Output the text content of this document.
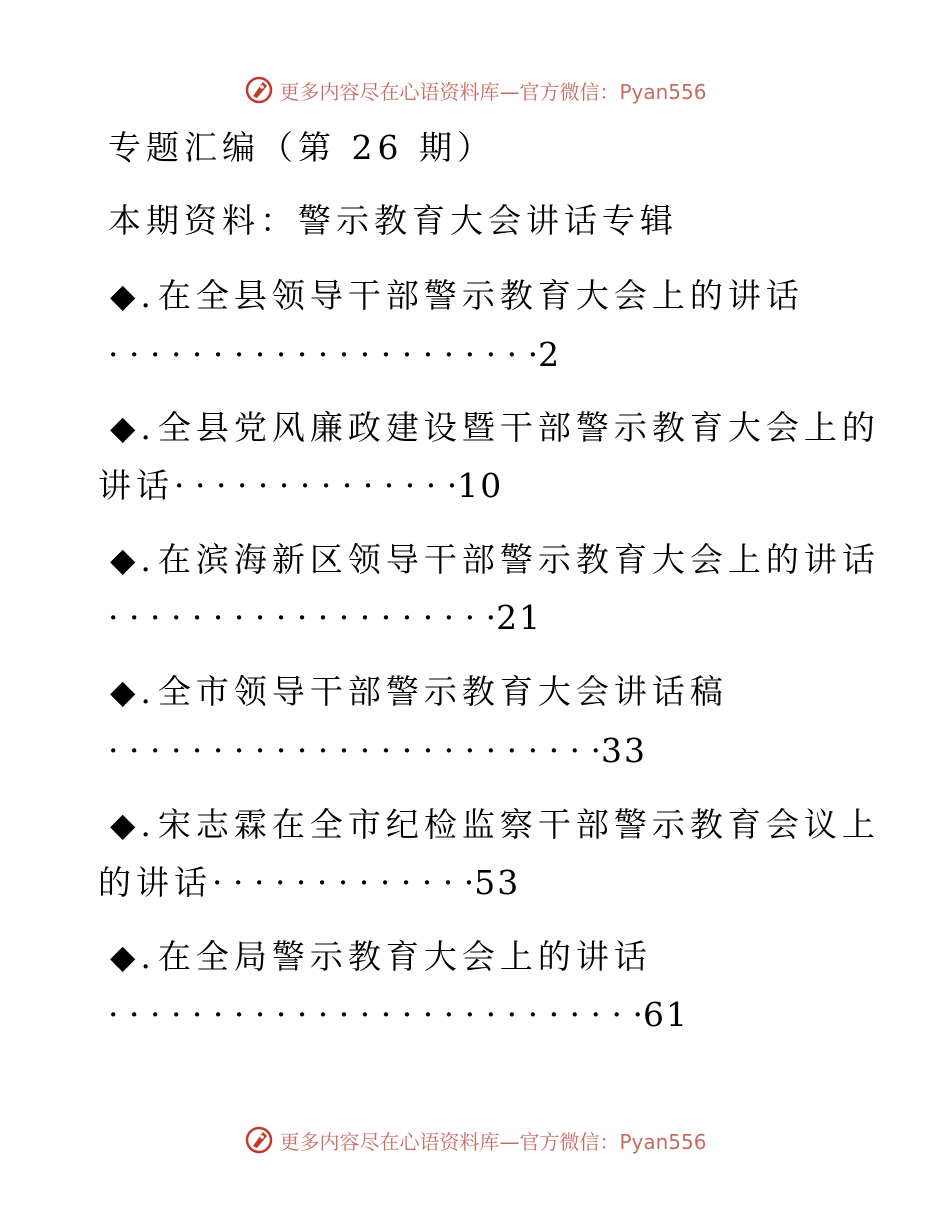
更多内容尽在心语资料库—官方微信：Pyan556
专题汇编（第 26 期）
本期资料：警示教育大会讲话专辑
◆.在全县领导干部警示教育大会上的讲话
· · · · · · · · · · · · · · · · · · · · ·2
◆.全县党风廉政建设暨干部警示教育大会上的
讲话· · · · · · · · · · · · · ·10
◆.在滨海新区领导干部警示教育大会上的讲话
· · · · · · · · · · · · · · · · · · ·21
◆.全市领导干部警示教育大会讲话稿
· · · · · · · · · · · · · · · · · · · · · · · ·33
◆.宋志霖在全市纪检监察干部警示教育会议上
的讲话· · · · · · · · · · · · ·53
◆.在全局警示教育大会上的讲话
· · · · · · · · · · · · · · · · · · · · · · · · · ·61
更多内容尽在心语资料库—官方微信：Pyan556
